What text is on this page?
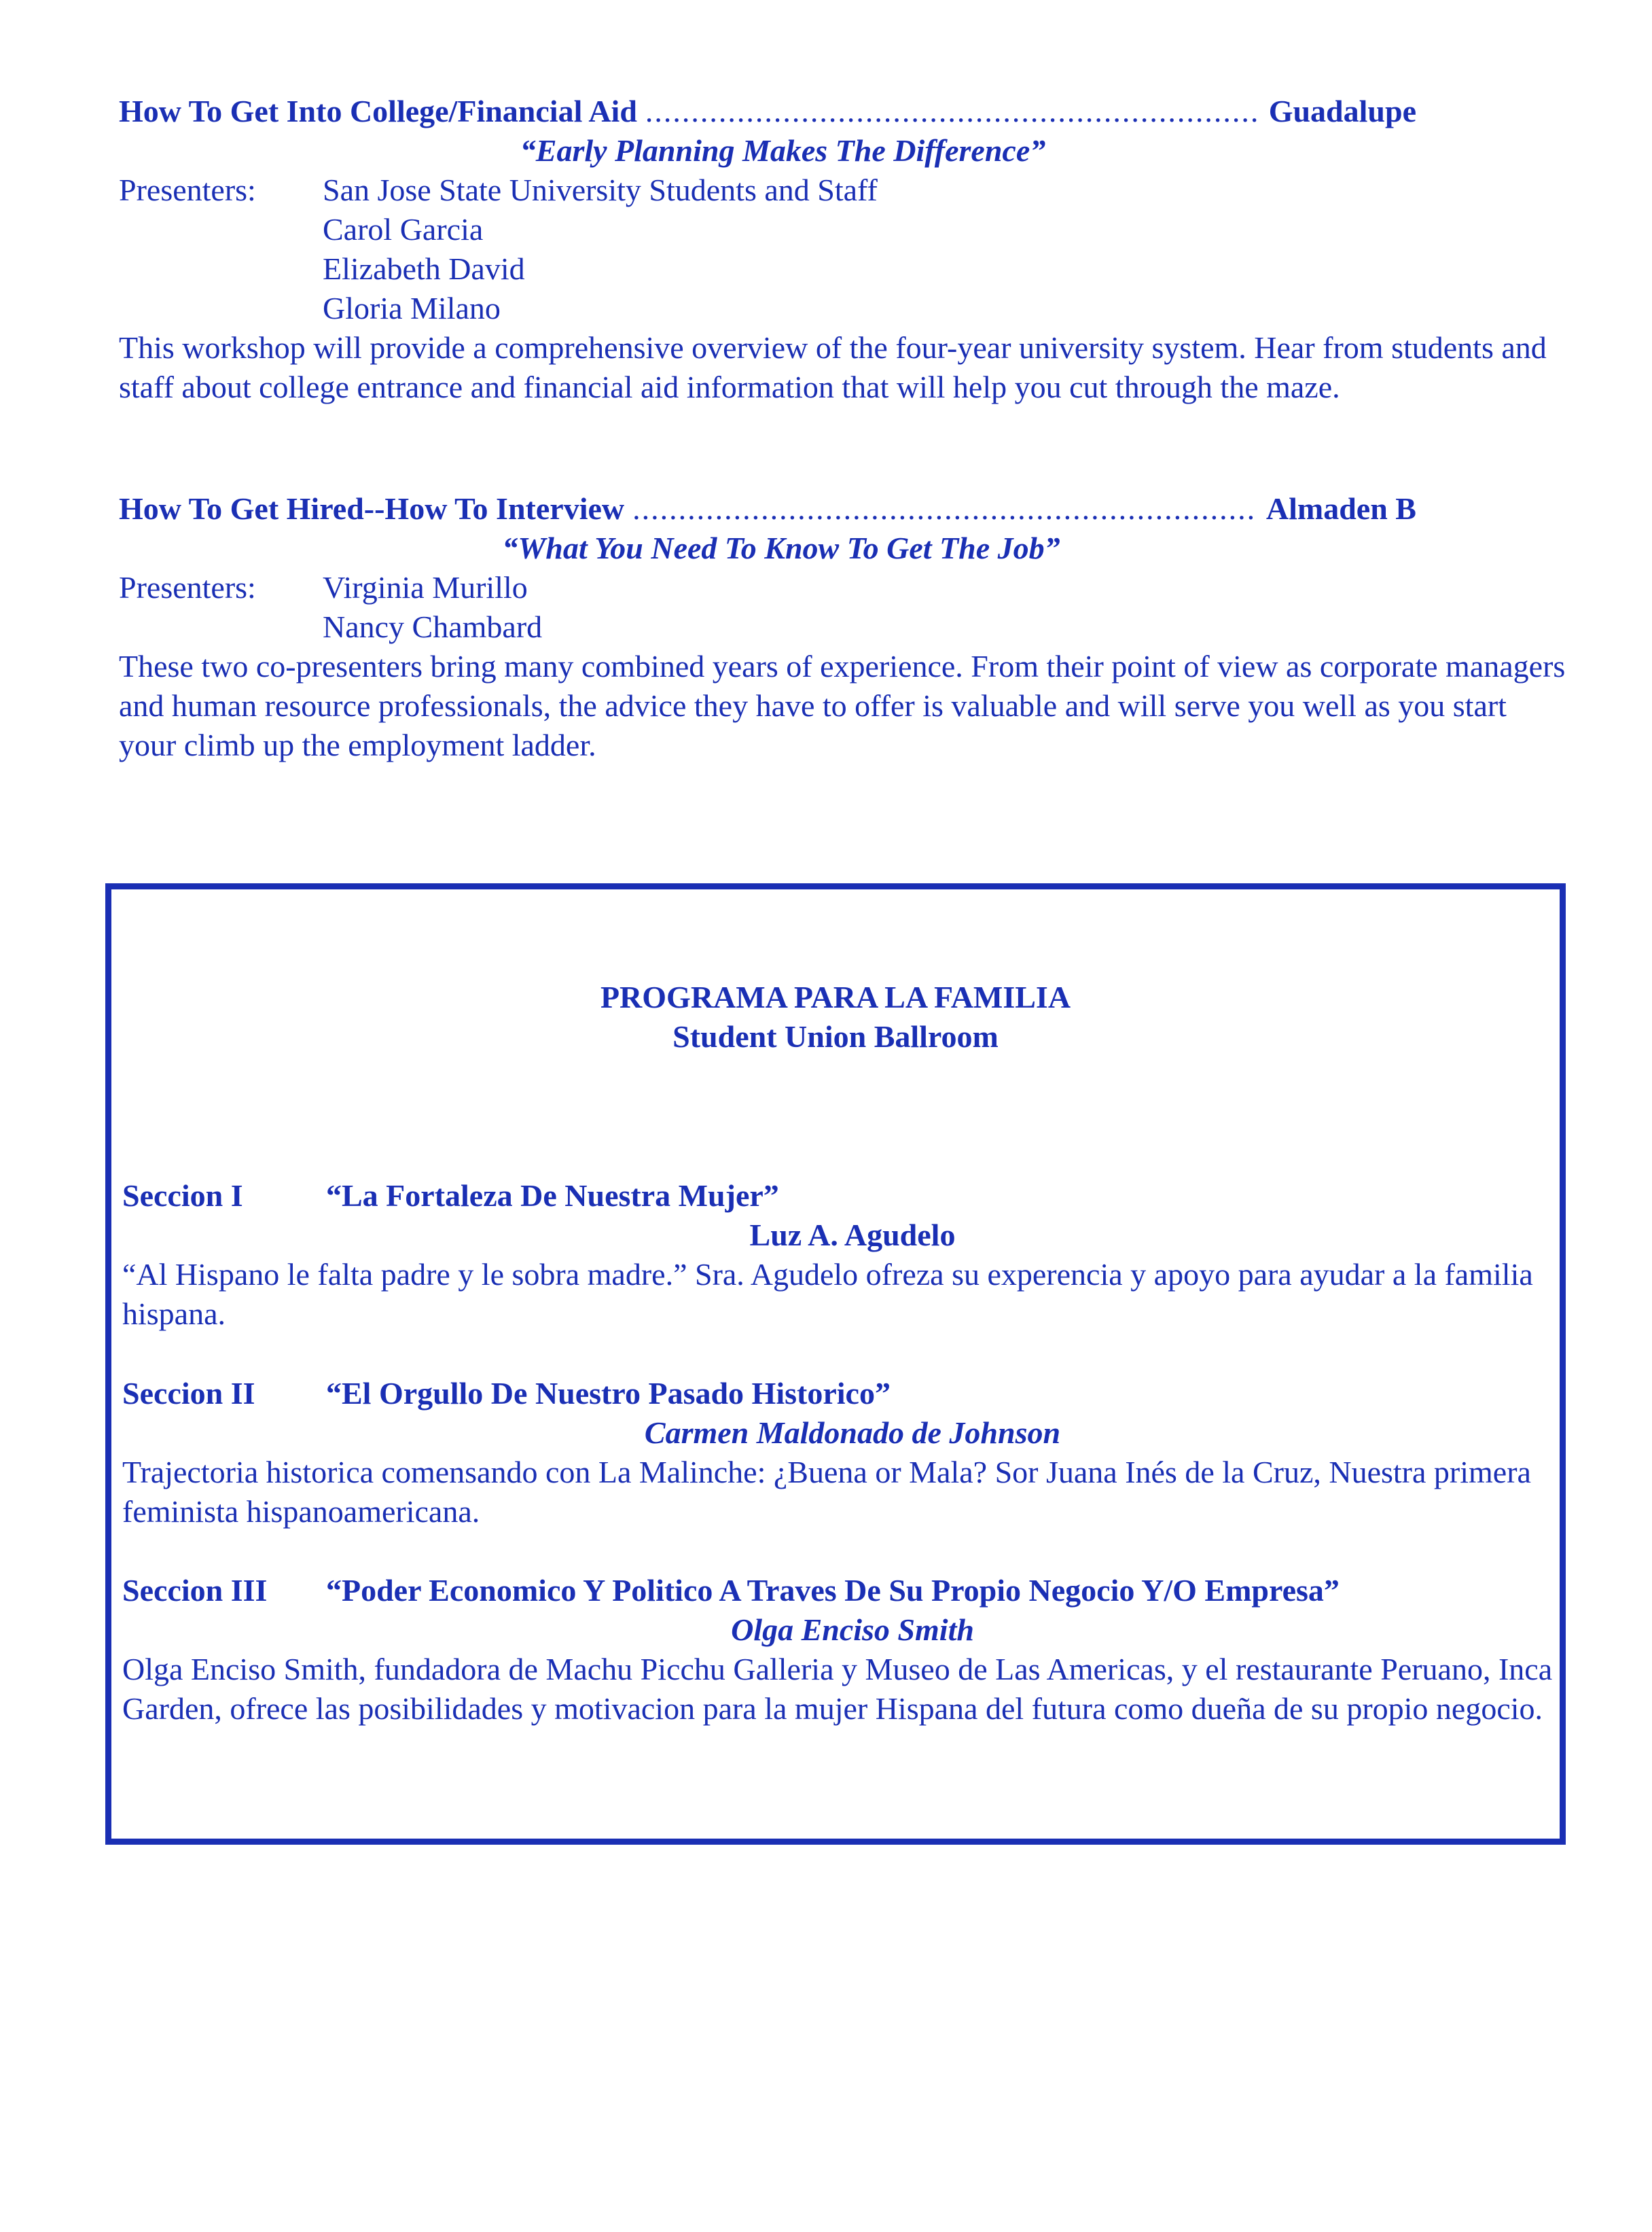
How To Get Into College/Financial Aid .....	Guadalupe
“Early Planning Makes The Difference”
Presenters:	San Jose State University Students and Staff
Carol Garcia
Elizabeth David
Gloria Milano

This workshop will provide a comprehensive overview of the four-year university system. Hear from students and staff about college entrance and financial aid information that will help you cut through the maze.

How To Get Hired--How To Interview .....	Almaden B
“What You Need To Know To Get The Job”
Presenters:	Virginia Murillo
Nancy Chambard

These two co-presenters bring many combined years of experience. From their point of view as corporate managers and human resource professionals, the advice they have to offer is valuable and will serve you well as you start your climb up the employment ladder.

PROGRAMA PARA LA FAMILIA
Student Union Ballroom
Seccion I	“La Fortaleza De Nuestra Mujer”
Luz A. Agudelo

“Al Hispano le falta padre y le sobra madre.” Sra. Agudelo ofreza su experencia y apoyo para ayudar a la familia hispana.

Seccion II	“El Orgullo De Nuestro Pasado Historico”
Carmen Maldonado de Johnson

Trajectoria historica comensando con La Malinche: ¿Buena or Mala? Sor Juana Inés de la Cruz, Nuestra primera feminista hispanoamericana.

Seccion III	“Poder Economico Y Politico A Traves De Su Propio Negocio Y/O Empresa”
Olga Enciso Smith

Olga Enciso Smith, fundadora de Machu Picchu Galleria y Museo de Las Americas, y el restaurante Peruano, Inca Garden, ofrece las posibilidades y motivacion para la mujer Hispana del futura como dueña de su propio negocio.
